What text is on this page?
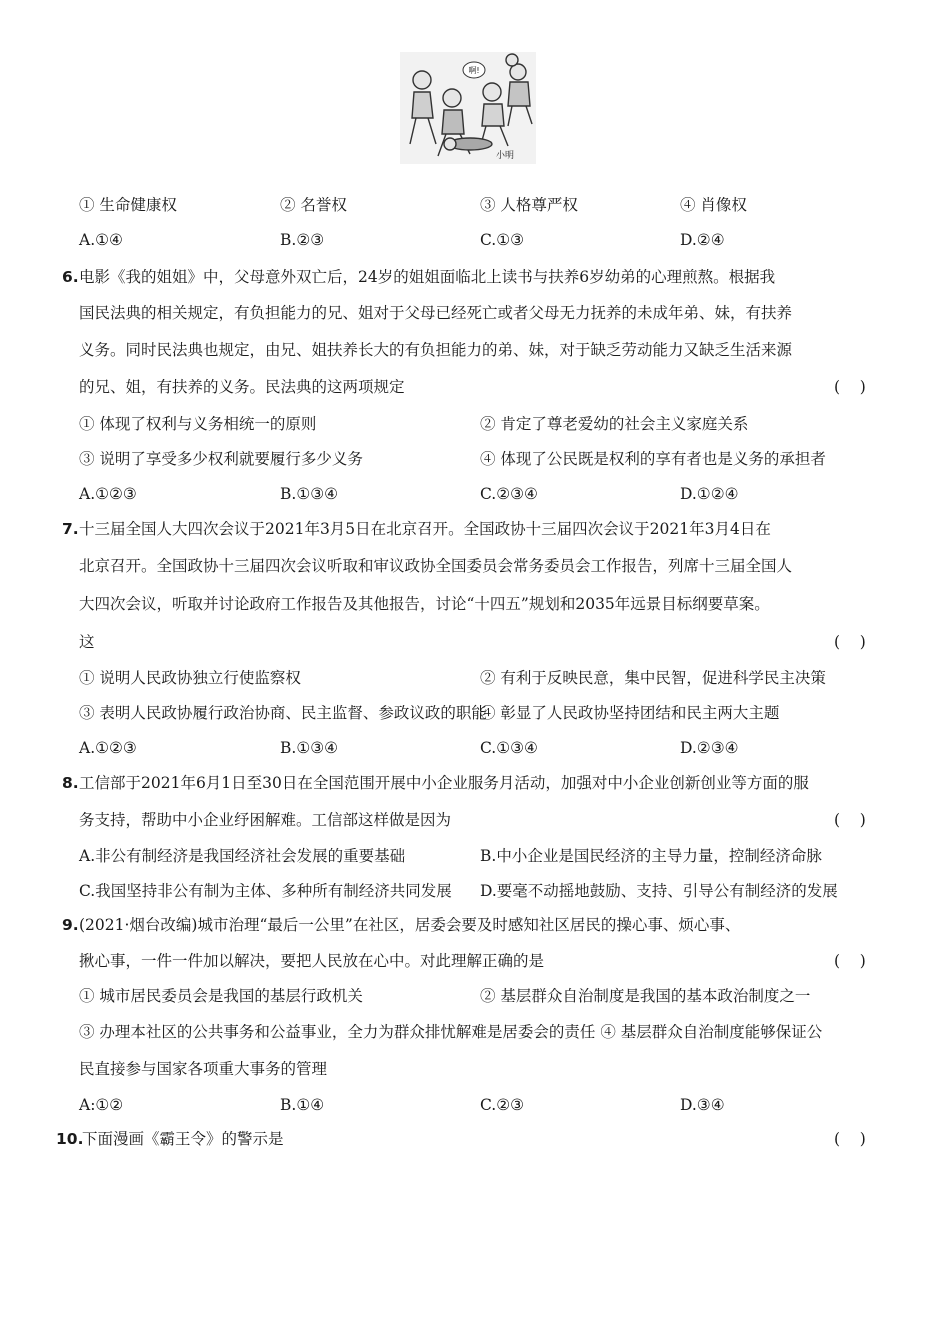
啊!
小明
① 生命健康权	② 名誉权	③ 人格尊严权	④ 肖像权
A.①④	B.②③	C.①③	D.②④
6. 电影《我的姐姐》中，父母意外双亡后，24岁的姐姐面临北上读书与扶养6岁幼弟的心理煎熬。根据我
国民法典的相关规定，有负担能力的兄、姐对于父母已经死亡或者父母无力抚养的未成年弟、妹，有扶养
义务。同时民法典也规定，由兄、姐扶养长大的有负担能力的弟、妹，对于缺乏劳动能力又缺乏生活来源
的兄、姐，有扶养的义务。民法典的这两项规定	(    )
① 体现了权利与义务相统一的原则	② 肯定了尊老爱幼的社会主义家庭关系
③ 说明了享受多少权利就要履行多少义务	④ 体现了公民既是权利的享有者也是义务的承担者
A.①②③	B.①③④	C.②③④	D.①②④
7. 十三届全国人大四次会议于2021年3月5日在北京召开。全国政协十三届四次会议于2021年3月4日在
北京召开。全国政协十三届四次会议听取和审议政协全国委员会常务委员会工作报告，列席十三届全国人
大四次会议，听取并讨论政府工作报告及其他报告，讨论“十四五”规划和2035年远景目标纲要草案。
这	(    )
① 说明人民政协独立行使监察权	② 有利于反映民意，集中民智，促进科学民主决策
③ 表明人民政协履行政治协商、民主监督、参政议政的职能
④ 彰显了人民政协坚持团结和民主两大主题
A.①②③	B.①③④	C.①③④	D.②③④
8. 工信部于2021年6月1日至30日在全国范围开展中小企业服务月活动，加强对中小企业创新创业等方面的服
务支持，帮助中小企业纾困解难。工信部这样做是因为	(    )
A.非公有制经济是我国经济社会发展的重要基础	B.中小企业是国民经济的主导力量，控制经济命脉
C.我国坚持非公有制为主体、多种所有制经济共同发展 D.要毫不动摇地鼓励、支持、引导公有制经济的发展
9. (2021·烟台改编)城市治理“最后一公里”在社区，居委会要及时感知社区居民的操心事、烦心事、
揪心事，一件一件加以解决，要把人民放在心中。对此理解正确的是	(    )
① 城市居民委员会是我国的基层行政机关	② 基层群众自治制度是我国的基本政治制度之一
③ 办理本社区的公共事务和公益事业，全力为群众排忧解难是居委会的责任 ④ 基层群众自治制度能够保证公
民直接参与国家各项重大事务的管理
A:①②	B.①④	C.②③	D.③④
10.
下面漫画《霸王令》的警示是	(    )
